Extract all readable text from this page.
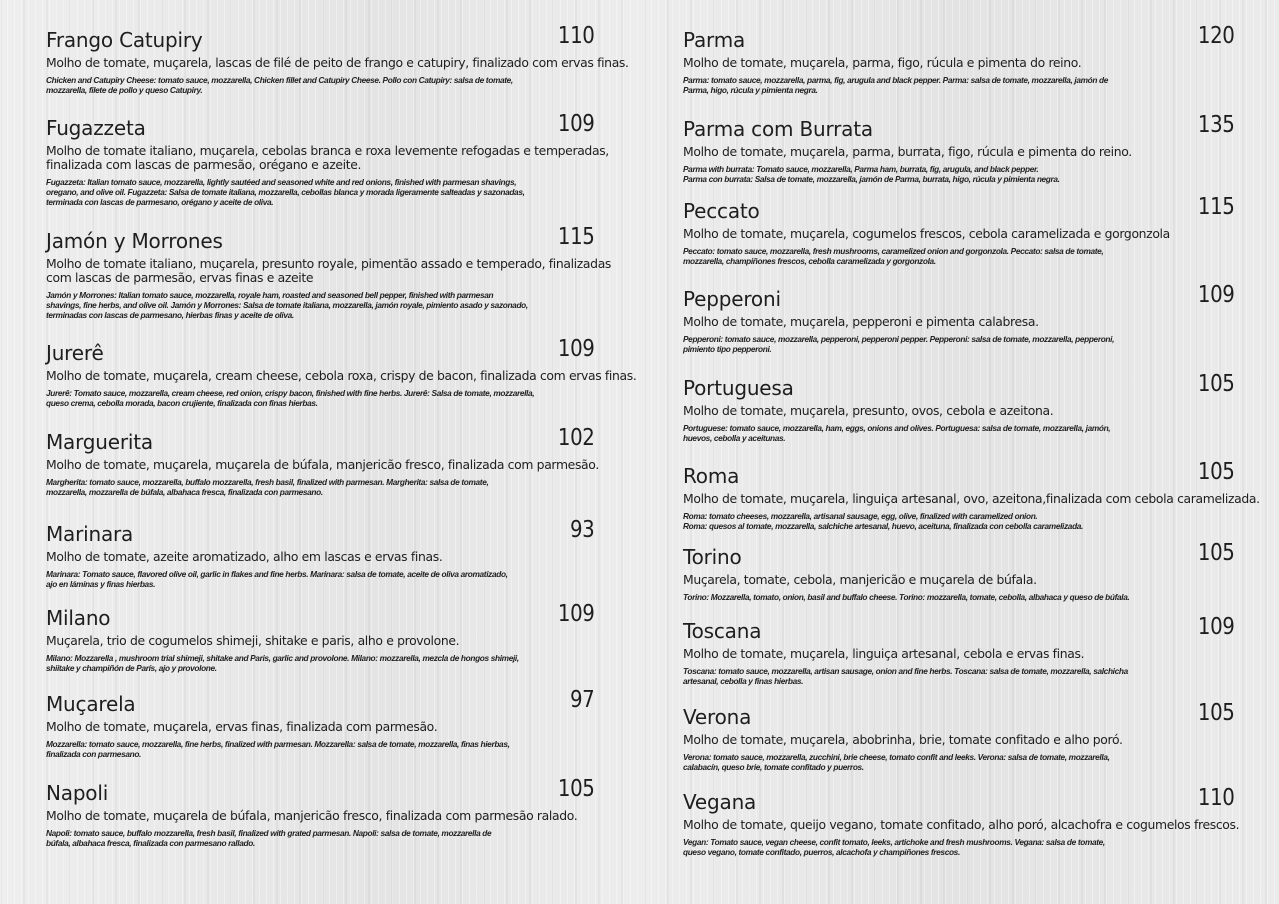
Frango Catupiry	110
Molho de tomate, muçarela, lascas de filé de peito de frango e catupiry, finalizado com ervas finas.
Chicken and Catupiry Cheese: tomato sauce, mozzarella, Chicken fillet and Catupiry Cheese. Pollo con Catupiry: salsa de tomate,
mozzarella, filete de pollo y queso Catupiry.
Fugazzeta	109
Molho de tomate italiano, muçarela, cebolas branca e roxa levemente refogadas e temperadas,
finalizada com lascas de parmesão, orégano e azeite.
Fugazzeta: Italian tomato sauce, mozzarella, lightly sautéed and seasoned white and red onions, finished with parmesan shavings,
oregano, and olive oil. Fugazzeta: Salsa de tomate italiana, mozzarella, cebollas blanca y morada ligeramente salteadas y sazonadas,
terminada con lascas de parmesano, orégano y aceite de oliva.
Jamón y Morrones	115
Molho de tomate italiano, muçarela, presunto royale, pimentão assado e temperado, finalizadas
com lascas de parmesão, ervas finas e azeite
Jamón y Morrones: Italian tomato sauce, mozzarella, royale ham, roasted and seasoned bell pepper, finished with parmesan
shavings, fine herbs, and olive oil. Jamón y Morrones: Salsa de tomate italiana, mozzarella, jamón royale, pimiento asado y sazonado,
terminadas con lascas de parmesano, hierbas finas y aceite de oliva.
Jurerê	109
Molho de tomate, muçarela, cream cheese, cebola roxa, crispy de bacon, finalizada com ervas finas.
Jurerê: Tomato sauce, mozzarella, cream cheese, red onion, crispy bacon, finished with fine herbs. Jurerê: Salsa de tomate, mozzarella,
queso crema, cebolla morada, bacon crujiente, finalizada con finas hierbas.
Marguerita	102
Molho de tomate, muçarela, muçarela de búfala, manjericão fresco, finalizada com parmesão.
Margherita: tomato sauce, mozzarella, buffalo mozzarella, fresh basil, finalized with parmesan. Margherita: salsa de tomate,
mozzarella, mozzarella de búfala, albahaca fresca, finalizada con parmesano.
Marinara	93
Molho de tomate, azeite aromatizado, alho em lascas e ervas finas.
Marinara: Tomato sauce, flavored olive oil, garlic in flakes and fine herbs. Marinara: salsa de tomate, aceite de oliva aromatizado,
ajo en láminas y finas hierbas.
Milano	109
Muçarela, trio de cogumelos shimeji, shitake e paris, alho e provolone.
Milano: Mozzarella , mushroom trial shimeji, shitake and Paris, garlic and provolone. Milano: mozzarella, mezcla de hongos shimeji,
shiitake y champiñón de París, ajo y provolone.
Muçarela	97
Molho de tomate, muçarela, ervas finas, finalizada com parmesão.
Mozzarella: tomato sauce, mozzarella, fine herbs, finalized with parmesan. Mozzarella: salsa de tomate, mozzarella, finas hierbas,
finalizada con parmesano.
Napoli	105
Molho de tomate, muçarela de búfala, manjericão fresco, finalizada com parmesão ralado.
Napoli: tomato sauce, buffalo mozzarella, fresh basil, finalized with grated parmesan. Napoli: salsa de tomate, mozzarella de
búfala, albahaca fresca, finalizada con parmesano rallado.
Parma	120
Molho de tomate, muçarela, parma, figo, rúcula e pimenta do reino.
Parma: tomato sauce, mozzarella, parma, fig, arugula and black pepper. Parma: salsa de tomate, mozzarella, jamón de
Parma, higo, rúcula y pimienta negra.
Parma com Burrata	135
Molho de tomate, muçarela, parma, burrata, figo, rúcula e pimenta do reino.
Parma with burrata: Tomato sauce, mozzarella, Parma ham, burrata, fig, arugula, and black pepper.
Parma con burrata: Salsa de tomate, mozzarella, jamón de Parma, burrata, higo, rúcula y pimienta negra.
Peccato	115
Molho de tomate, muçarela, cogumelos frescos, cebola caramelizada e gorgonzola
Peccato: tomato sauce, mozzarella, fresh mushrooms, caramelized onion and gorgonzola. Peccato: salsa de tomate,
mozzarella, champiñones frescos, cebolla caramelizada y gorgonzola.
Pepperoni	109
Molho de tomate, muçarela, pepperoni e pimenta calabresa.
Pepperoni: tomato sauce, mozzarella, pepperoni, pepperoni pepper. Pepperoni: salsa de tomate, mozzarella, pepperoni,
pimiento tipo pepperoni.
Portuguesa	105
Molho de tomate, muçarela, presunto, ovos, cebola e azeitona.
Portuguese: tomato sauce, mozzarella, ham, eggs, onions and olives. Portuguesa: salsa de tomate, mozzarella, jamón,
huevos, cebolla y aceitunas.
Roma	105
Molho de tomate, muçarela, linguiça artesanal, ovo, azeitona,finalizada com cebola caramelizada.
Roma: tomato cheeses, mozzarella, artisanal sausage, egg, olive, finalized with caramelized onion.
Roma: quesos al tomate, mozzarella, salchiche artesanal, huevo, aceituna, finalizada con cebolla caramelizada.
Torino	105
Muçarela, tomate, cebola, manjericão e muçarela de búfala.
Torino: Mozzarella, tomato, onion, basil and buffalo cheese. Torino: mozzarella, tomate, cebolla, albahaca y queso de búfala.
Toscana	109
Molho de tomate, muçarela, linguiça artesanal, cebola e ervas finas.
Toscana: tomato sauce, mozzarella, artisan sausage, onion and fine herbs. Toscana: salsa de tomate, mozzarella, salchicha
artesanal, cebolla y finas hierbas.
Verona	105
Molho de tomate, muçarela, abobrinha, brie, tomate confitado e alho poró.
Verona: tomato sauce, mozzarella, zucchini, brie cheese, tomato confit and leeks. Verona: salsa de tomate, mozzarella,
calabacín, queso brie, tomate confitado y puerros.
Vegana	110
Molho de tomate, queijo vegano, tomate confitado, alho poró, alcachofra e cogumelos frescos.
Vegan: Tomato sauce, vegan cheese, confit tomato, leeks, artichoke and fresh mushrooms. Vegana: salsa de tomate,
queso vegano, tomate confitado, puerros, alcachofa y champiñones frescos.
